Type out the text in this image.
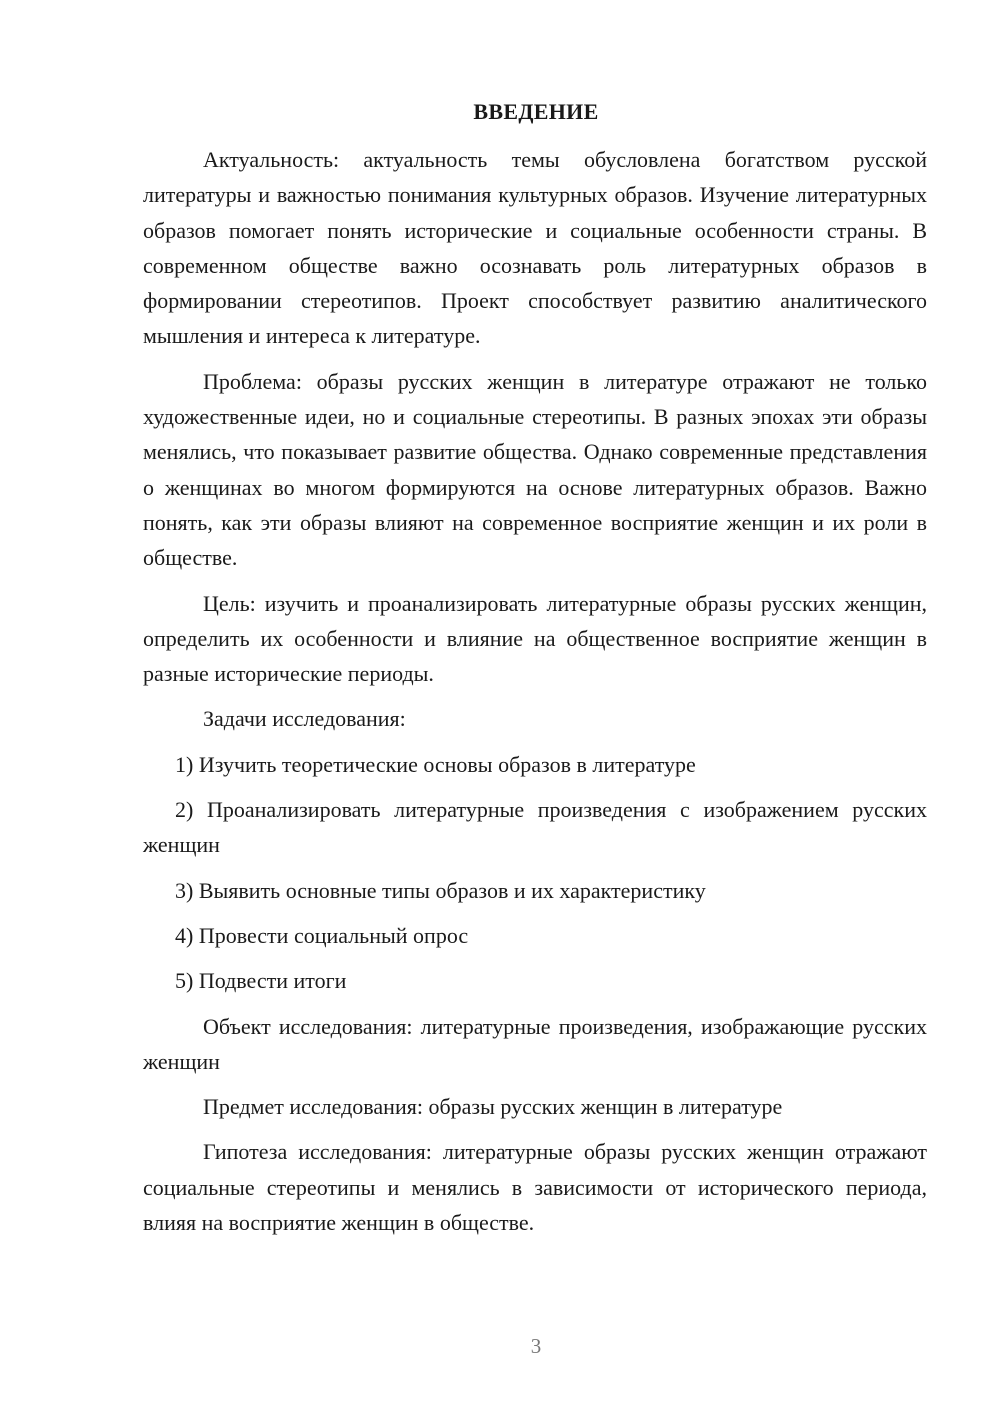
ВВЕДЕНИЕ

Актуальность: актуальность темы обусловлена богатством русской литературы и важностью понимания культурных образов. Изучение литературных образов помогает понять исторические и социальные особенности страны. В современном обществе важно осознавать роль литературных образов в формировании стереотипов. Проект способствует развитию аналитического мышления и интереса к литературе.

Проблема: образы русских женщин в литературе отражают не только художественные идеи, но и социальные стереотипы. В разных эпохах эти образы менялись, что показывает развитие общества. Однако современные представления о женщинах во многом формируются на основе литературных образов. Важно понять, как эти образы влияют на современное восприятие женщин и их роли в обществе.

Цель: изучить и проанализировать литературные образы русских женщин, определить их особенности и влияние на общественное восприятие женщин в разные исторические периоды.

Задачи исследования:

1) Изучить теоретические основы образов в литературе

2) Проанализировать литературные произведения с изображением русских женщин

3) Выявить основные типы образов и их характеристику

4) Провести социальный опрос

5) Подвести итоги

Объект исследования: литературные произведения, изображающие русских женщин

Предмет исследования: образы русских женщин в литературе

Гипотеза исследования: литературные образы русских женщин отражают социальные стереотипы и менялись в зависимости от исторического периода, влияя на восприятие женщин в обществе.

3
